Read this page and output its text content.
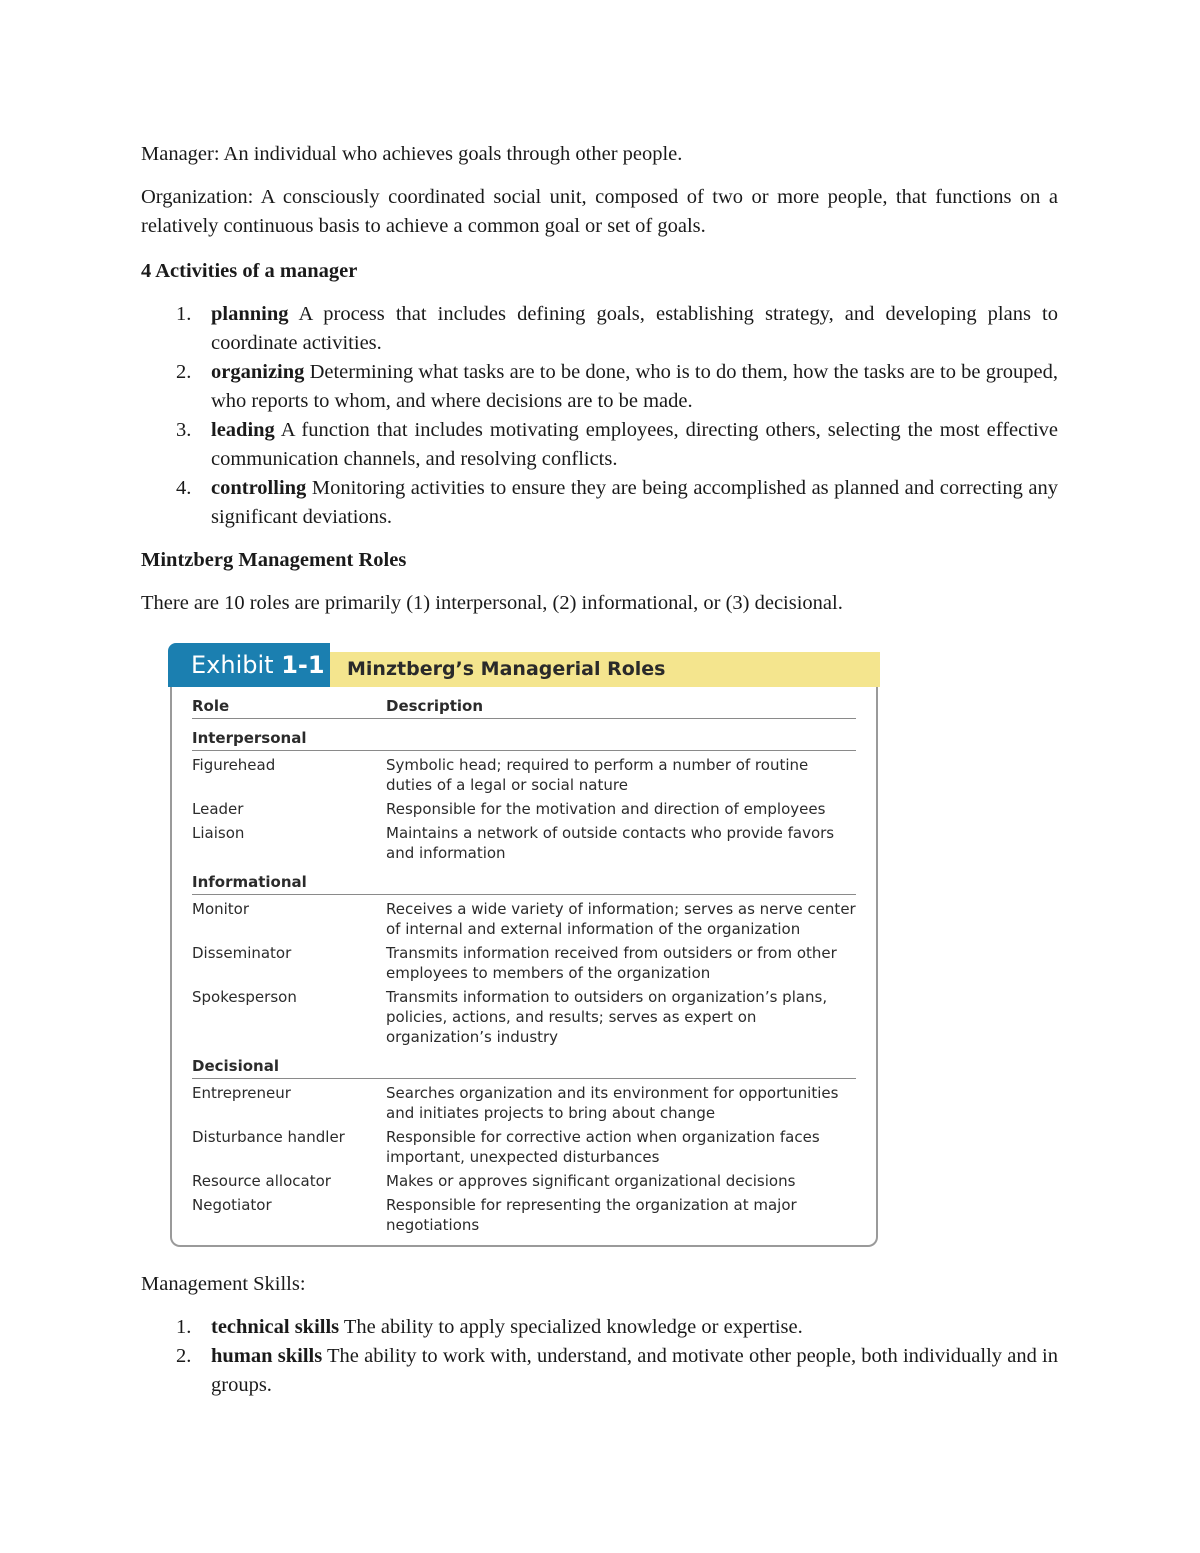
Manager: An individual who achieves goals through other people.

Organization: A consciously coordinated social unit, composed of two or more people, that functions on a relatively continuous basis to achieve a common goal or set of goals.

4 Activities of a manager

1. planning A process that includes defining goals, establishing strategy, and developing plans to coordinate activities.
2. organizing Determining what tasks are to be done, who is to do them, how the tasks are to be grouped, who reports to whom, and where decisions are to be made.
3. leading A function that includes motivating employees, directing others, selecting the most effective communication channels, and resolving conflicts.
4. controlling Monitoring activities to ensure they are being accomplished as planned and correcting any significant deviations.

Mintzberg Management Roles

There are 10 roles are primarily (1) interpersonal, (2) informational, or (3) decisional.

Exhibit 1-1	Minztberg’s Managerial Roles
Role	Description
Interpersonal
Figurehead	Symbolic head; required to perform a number of routine duties of a legal or social nature
Leader	Responsible for the motivation and direction of employees
Liaison	Maintains a network of outside contacts who provide favors and information
Informational
Monitor	Receives a wide variety of information; serves as nerve center of internal and external information of the organization
Disseminator	Transmits information received from outsiders or from other employees to members of the organization
Spokesperson	Transmits information to outsiders on organization’s plans, policies, actions, and results; serves as expert on organization’s industry
Decisional
Entrepreneur	Searches organization and its environment for opportunities and initiates projects to bring about change
Disturbance handler	Responsible for corrective action when organization faces important, unexpected disturbances
Resource allocator	Makes or approves significant organizational decisions
Negotiator	Responsible for representing the organization at major negotiations

Management Skills:

1. technical skills The ability to apply specialized knowledge or expertise.
2. human skills The ability to work with, understand, and motivate other people, both individually and in groups.
